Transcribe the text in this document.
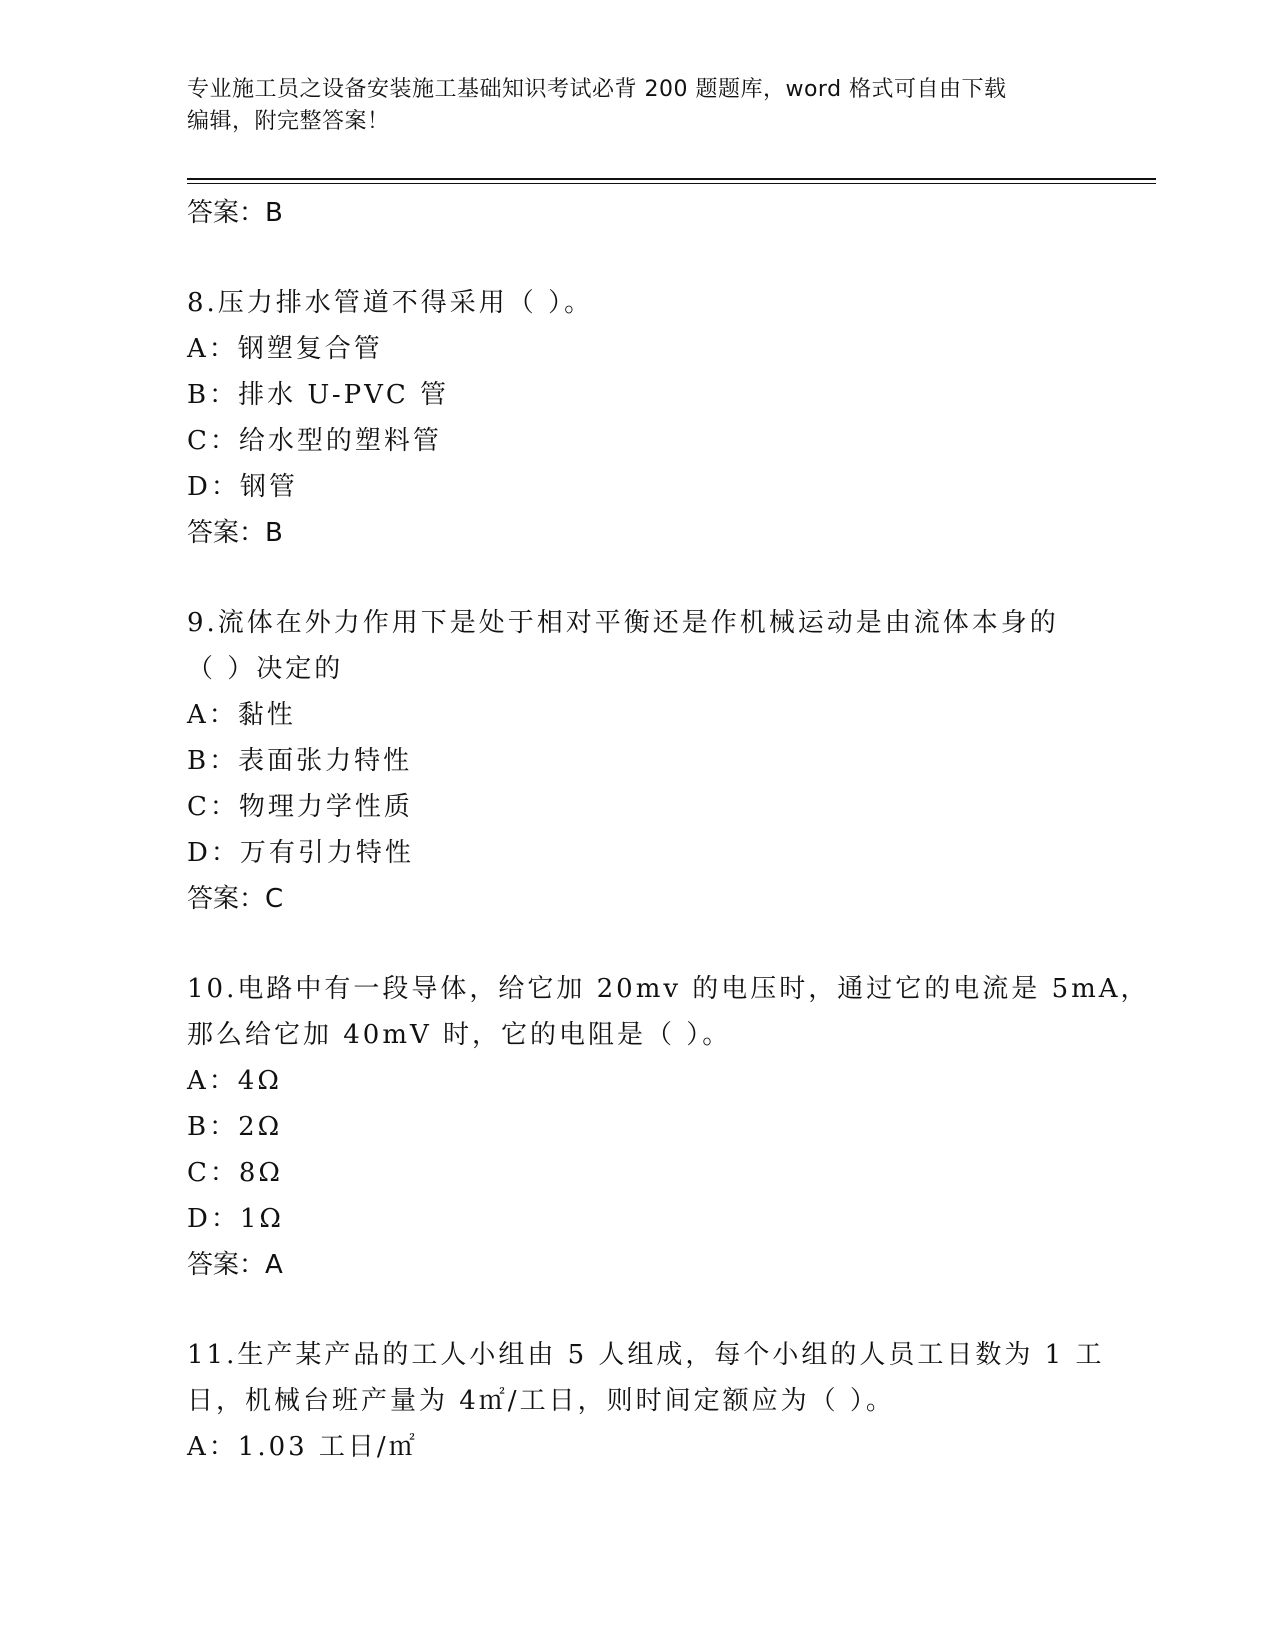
专业施工员之设备安装施工基础知识考试必背 200 题题库，word 格式可自由下载
编辑，附完整答案！
答案：B
8.压力排水管道不得采用（ ）。
A：钢塑复合管
B：排水 U-PVC 管
C：给水型的塑料管
D：钢管
答案：B
9.流体在外力作用下是处于相对平衡还是作机械运动是由流体本身的
（ ）决定的
A：黏性
B：表面张力特性
C：物理力学性质
D：万有引力特性
答案：C
10.电路中有一段导体，给它加 20mv 的电压时，通过它的电流是 5mA，
那么给它加 40mV 时，它的电阻是（ ）。
A：4Ω
B：2Ω
C：8Ω
D：1Ω
答案：A
11.生产某产品的工人小组由 5 人组成，每个小组的人员工日数为 1 工
日，机械台班产量为 4㎡/工日，则时间定额应为（ ）。
A：1.03 工日/㎡
